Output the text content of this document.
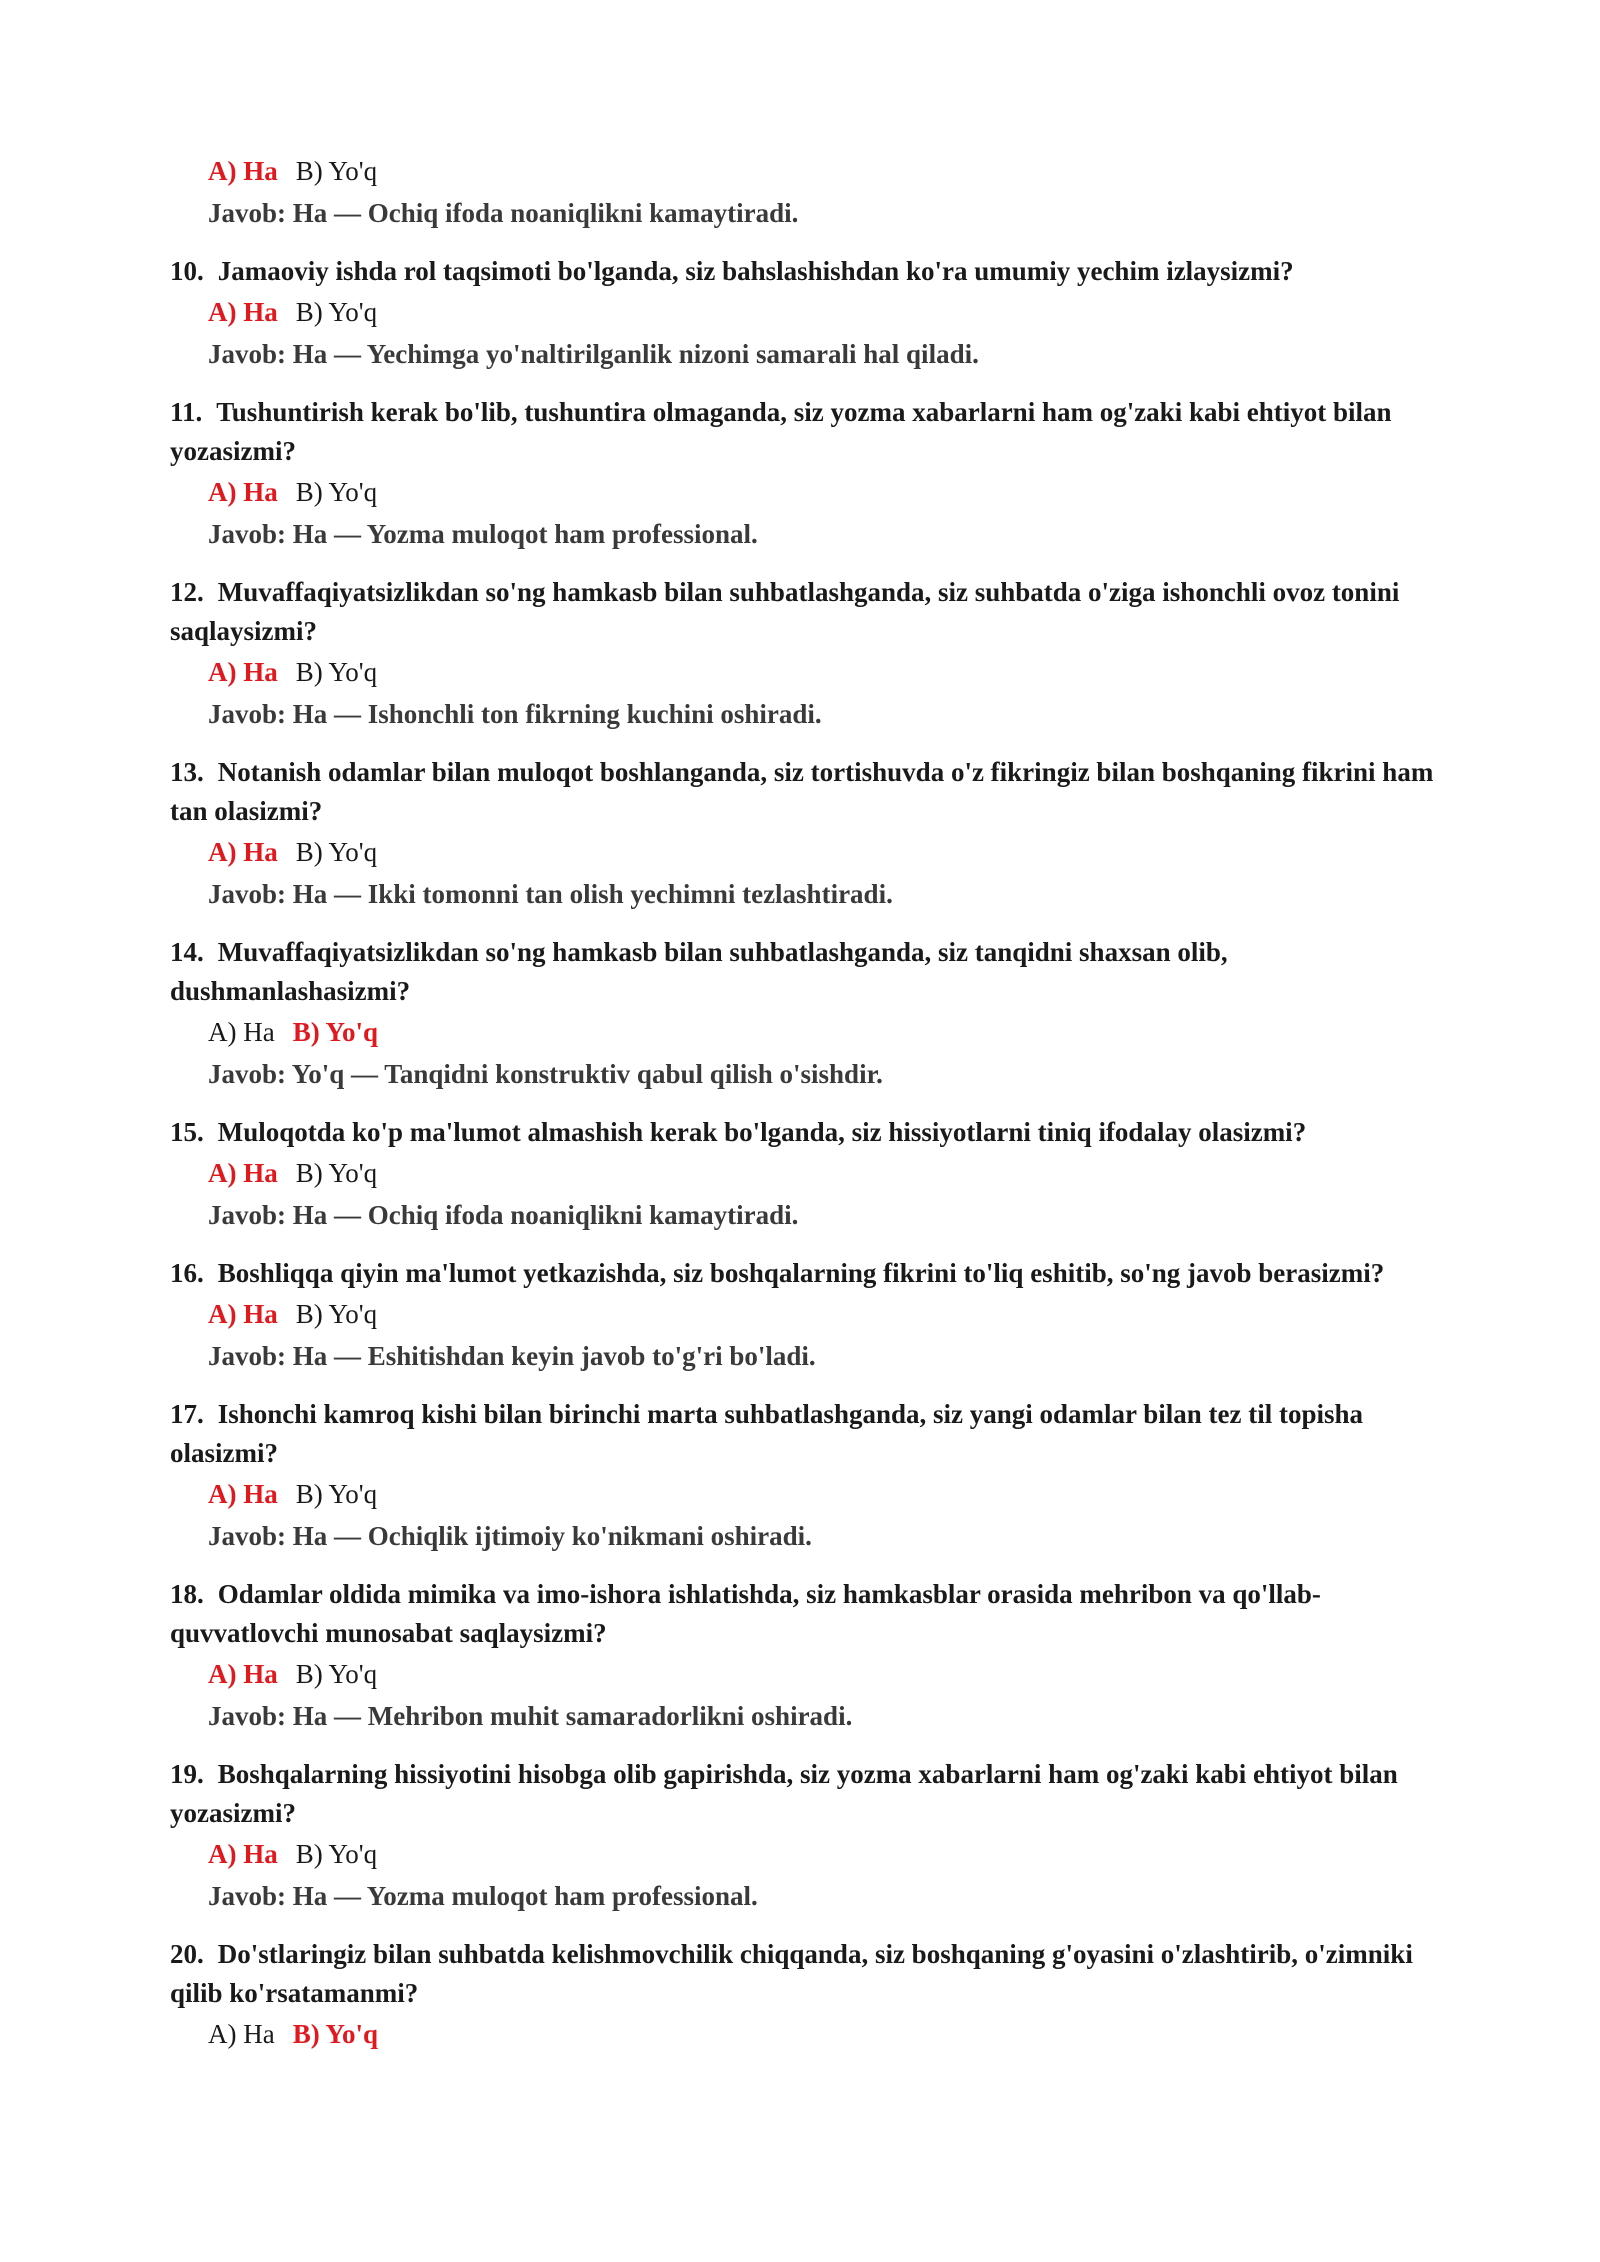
A) Ha B) Yo'q
Javob: Ha — Ochiq ifoda noaniqlikni kamaytiradi.

10. Jamaoviy ishda rol taqsimoti bo'lganda, siz bahslashishdan ko'ra umumiy yechim izlaysizmi?

A) Ha B) Yo'q
Javob: Ha — Yechimga yo'naltirilganlik nizoni samarali hal qiladi.

11. Tushuntirish kerak bo'lib, tushuntira olmaganda, siz yozma xabarlarni ham og'zaki kabi ehtiyot bilan yozasizmi?

A) Ha B) Yo'q
Javob: Ha — Yozma muloqot ham professional.

12. Muvaffaqiyatsizlikdan so'ng hamkasb bilan suhbatlashganda, siz suhbatda o'ziga ishonchli ovoz tonini saqlaysizmi?

A) Ha B) Yo'q
Javob: Ha — Ishonchli ton fikrning kuchini oshiradi.

13. Notanish odamlar bilan muloqot boshlanganda, siz tortishuvda o'z fikringiz bilan boshqaning fikrini ham tan olasizmi?

A) Ha B) Yo'q
Javob: Ha — Ikki tomonni tan olish yechimni tezlashtiradi.

14. Muvaffaqiyatsizlikdan so'ng hamkasb bilan suhbatlashganda, siz tanqidni shaxsan olib, dushmanlashasizmi?

A) Ha B) Yo'q
Javob: Yo'q — Tanqidni konstruktiv qabul qilish o'sishdir.

15. Muloqotda ko'p ma'lumot almashish kerak bo'lganda, siz hissiyotlarni tiniq ifodalay olasizmi?

A) Ha B) Yo'q
Javob: Ha — Ochiq ifoda noaniqlikni kamaytiradi.

16. Boshliqqa qiyin ma'lumot yetkazishda, siz boshqalarning fikrini to'liq eshitib, so'ng javob berasizmi?

A) Ha B) Yo'q
Javob: Ha — Eshitishdan keyin javob to'g'ri bo'ladi.

17. Ishonchi kamroq kishi bilan birinchi marta suhbatlashganda, siz yangi odamlar bilan tez til topisha olasizmi?

A) Ha B) Yo'q
Javob: Ha — Ochiqlik ijtimoiy ko'nikmani oshiradi.

18. Odamlar oldida mimika va imo-ishora ishlatishda, siz hamkasblar orasida mehribon va qo'llab-quvvatlovchi munosabat saqlaysizmi?

A) Ha B) Yo'q
Javob: Ha — Mehribon muhit samaradorlikni oshiradi.

19. Boshqalarning hissiyotini hisobga olib gapirishda, siz yozma xabarlarni ham og'zaki kabi ehtiyot bilan yozasizmi?

A) Ha B) Yo'q
Javob: Ha — Yozma muloqot ham professional.

20. Do'stlaringiz bilan suhbatda kelishmovchilik chiqqanda, siz boshqaning g'oyasini o'zlashtirib, o'zimniki qilib ko'rsatamanmi?

A) Ha B) Yo'q
